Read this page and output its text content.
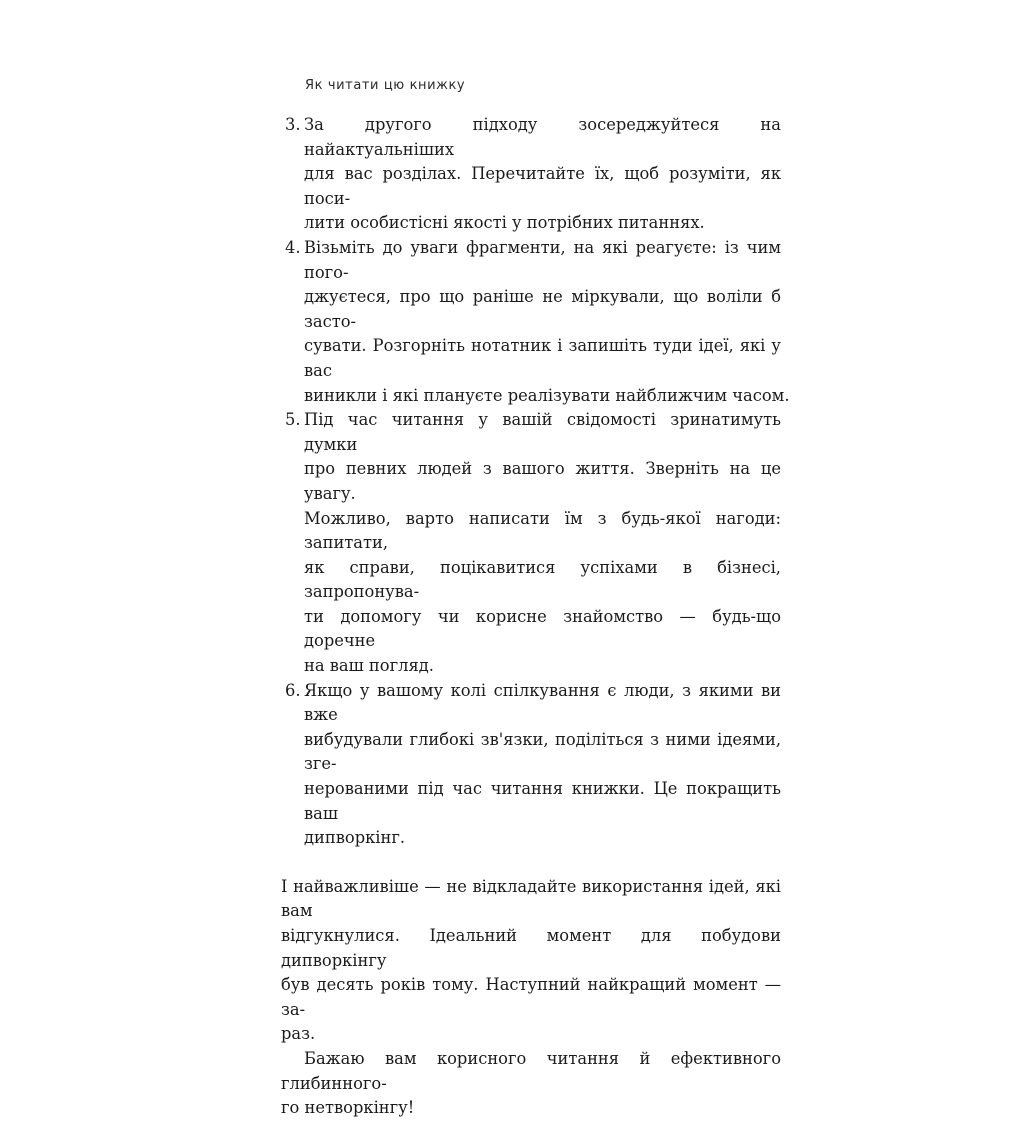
Як читати цю книжку
3. За другого підходу зосереджуйтеся на найактуальніших
для вас розділах. Перечитайте їх, щоб розуміти, як поси-
лити особистісні якості у потрібних питаннях.
4. Візьміть до уваги фрагменти, на які реагуєте: із чим пого-
джуєтеся, про що раніше не міркували, що воліли б засто-
сувати. Розгорніть нотатник і запишіть туди ідеї, які у вас
виникли і які плануєте реалізувати найближчим часом.
5. Під час читання у вашій свідомості зринатимуть думки
про певних людей з вашого життя. Зверніть на це увагу.
Можливо, варто написати їм з будь-якої нагоди: запитати,
як справи, поцікавитися успіхами в бізнесі, запропонува-
ти допомогу чи корисне знайомство — будь-що доречне
на ваш погляд.
6. Якщо у вашому колі спілкування є люди, з якими ви вже
вибудували глибокі зв'язки, поділіться з ними ідеями, зге-
нерованими під час читання книжки. Це покращить ваш
дипворкінг.
І найважливіше — не відкладайте використання ідей, які вам
відгукнулися. Ідеальний момент для побудови дипворкінгу
був десять років тому. Наступний найкращий момент — за-
раз.
Бажаю вам корисного читання й ефективного глибинного-
го нетворкінгу!
